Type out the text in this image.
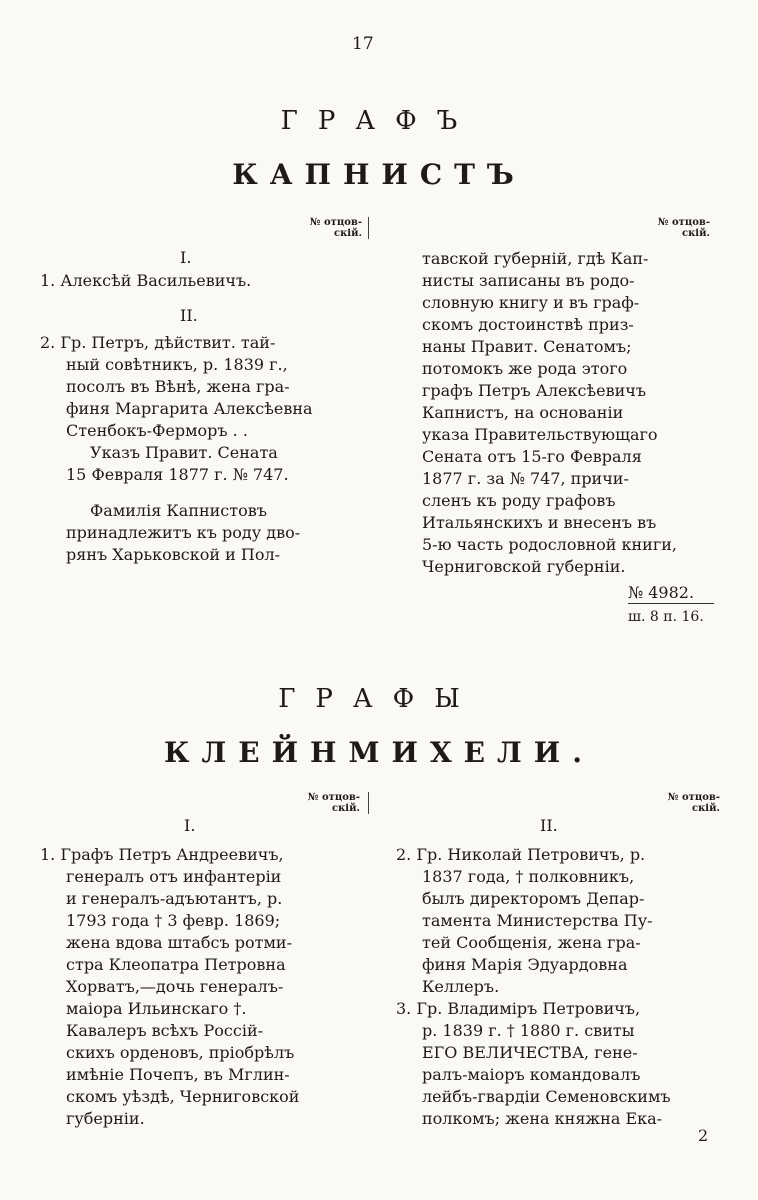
17
ГРАФЪ
КАПНИСТЪ
№ отцов-
скій.
№ отцов-
скій.
I.
1. Алексѣй Васильевичъ.
II.
2. Гр. Петръ, дѣйствит. тай-
ный совѣтникъ, р. 1839 г.,
посолъ въ Вѣнѣ, жена гра-
финя Маргарита Алексѣевна
Стенбокъ-Ферморъ . .
Указъ Правит. Сената
15 Февраля 1877 г. № 747.
Фамилія Капнистовъ
принадлежитъ къ роду дво-
рянъ Харьковской и Пол-
тавской губерній, гдѣ Кап-
нисты записаны въ родо-
словную книгу и въ граф-
скомъ достоинствѣ приз-
наны Правит. Сенатомъ;
потомокъ же рода этого
графъ Петръ Алексѣевичъ
Капнистъ, на основаніи
указа Правительствующаго
Сената отъ 15-го Февраля
1877 г. за № 747, причи-
сленъ къ роду графовъ
Итальянскихъ и внесенъ въ
5-ю часть родословной книги,
Черниговской губерніи.
№ 4982.
ш. 8 п. 16.
ГРАФЫ
КЛЕЙНМИХЕЛИ.
№ отцов-
скій.
№ отцов-
скій.
I.	II.
1. Графъ Петръ Андреевичъ,
генералъ отъ инфантеріи
и генералъ-адъютантъ, р.
1793 года † 3 февр. 1869;
жена вдова штабсъ ротми-
стра Клеопатра Петровна
Хорватъ,—дочь генералъ-
маіора Ильинскаго †.
Кавалеръ всѣхъ Россій-
скихъ орденовъ, пріобрѣлъ
имѣніе Почепъ, въ Мглин-
скомъ уѣздѣ, Черниговской
губерніи.
2. Гр. Николай Петровичъ, р.
1837 года, † полковникъ,
былъ директоромъ Депар-
тамента Министерства Пу-
тей Сообщенія, жена гра-
финя Марія Эдуардовна
Келлеръ.
3. Гр. Владиміръ Петровичъ,
р. 1839 г. † 1880 г. свиты
ЕГО ВЕЛИЧЕСТВА, гене-
ралъ-маіоръ командовалъ
лейбъ-гвардіи Семеновскимъ
полкомъ; жена княжна Ека-
2
